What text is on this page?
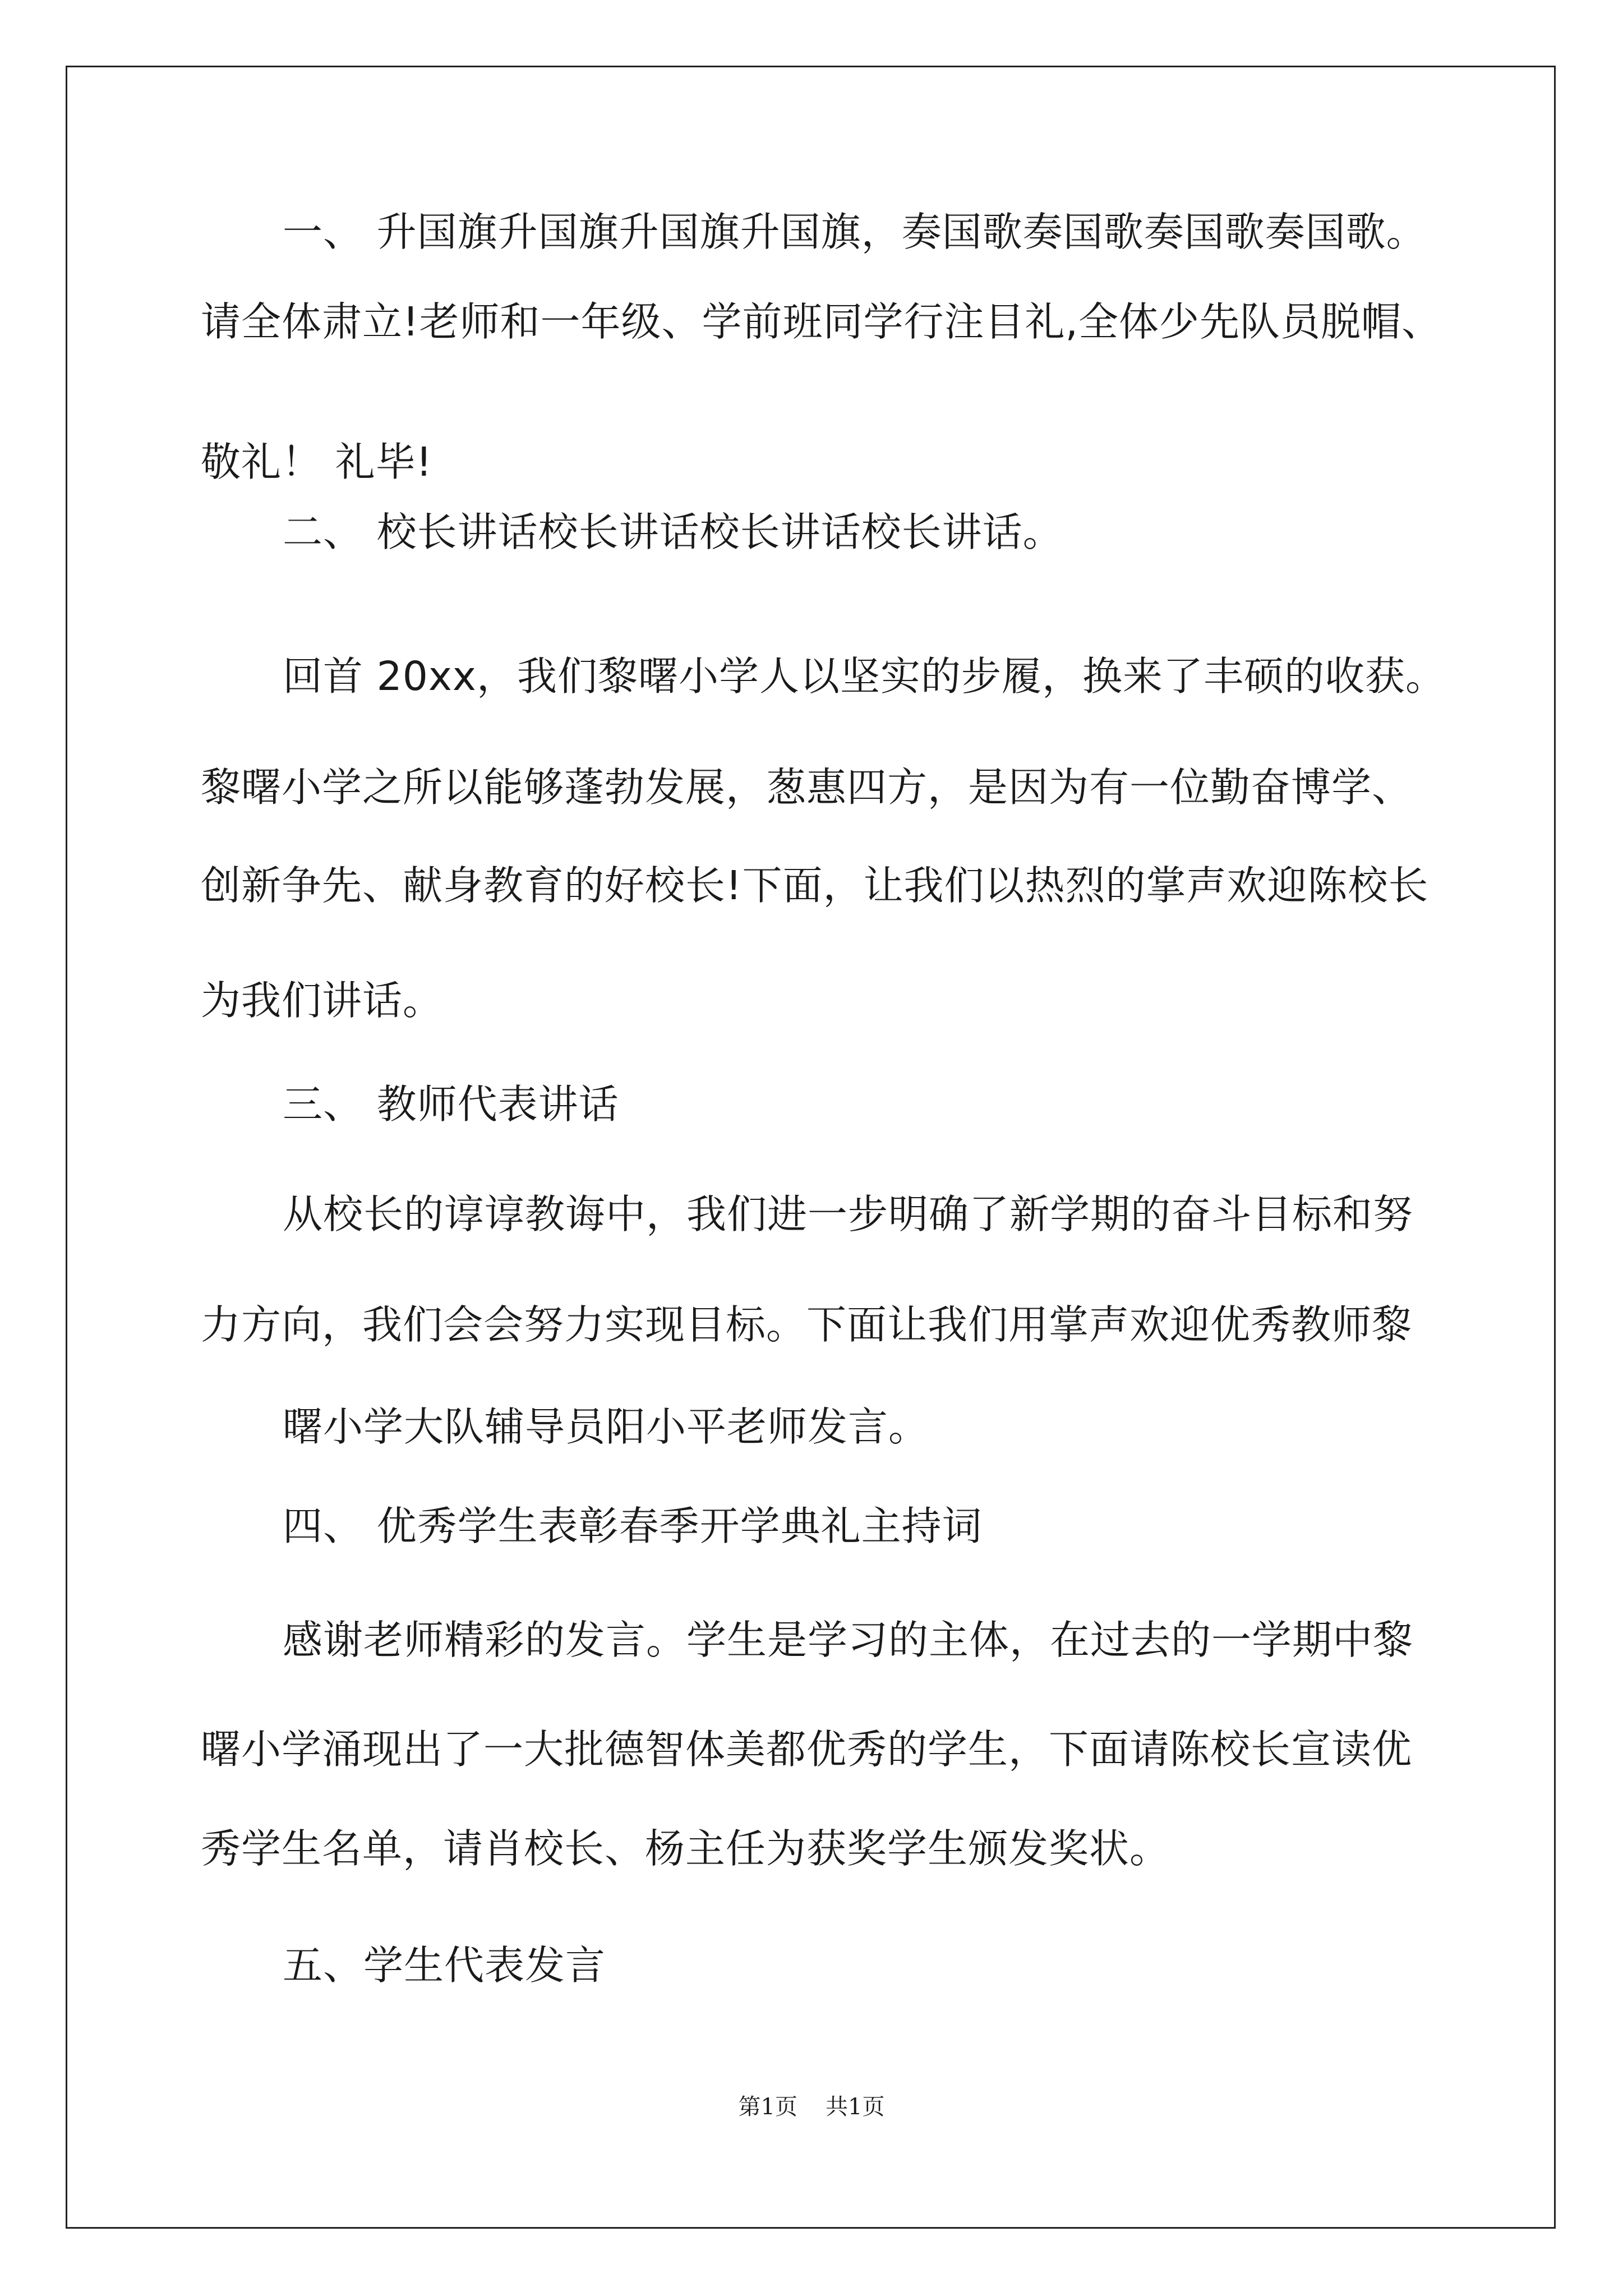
一、 升国旗升国旗升国旗升国旗，奏国歌奏国歌奏国歌奏国歌。
请全体肃立!老师和一年级、学前班同学行注目礼,全体少先队员脱帽、
敬礼！ 礼毕!
二、 校长讲话校长讲话校长讲话校长讲话。
回首 20xx，我们黎曙小学人以坚实的步履，换来了丰硕的收获。
黎曙小学之所以能够蓬勃发展，葱惠四方，是因为有一位勤奋博学、
创新争先、献身教育的好校长!下面，让我们以热烈的掌声欢迎陈校长
为我们讲话。
三、 教师代表讲话
从校长的谆谆教诲中，我们进一步明确了新学期的奋斗目标和努
力方向，我们会会努力实现目标。下面让我们用掌声欢迎优秀教师黎
曙小学大队辅导员阳小平老师发言。
四、 优秀学生表彰春季开学典礼主持词
感谢老师精彩的发言。学生是学习的主体，在过去的一学期中黎
曙小学涌现出了一大批德智体美都优秀的学生，下面请陈校长宣读优
秀学生名单，请肖校长、杨主任为获奖学生颁发奖状。
五、学生代表发言
第1页 共1页
